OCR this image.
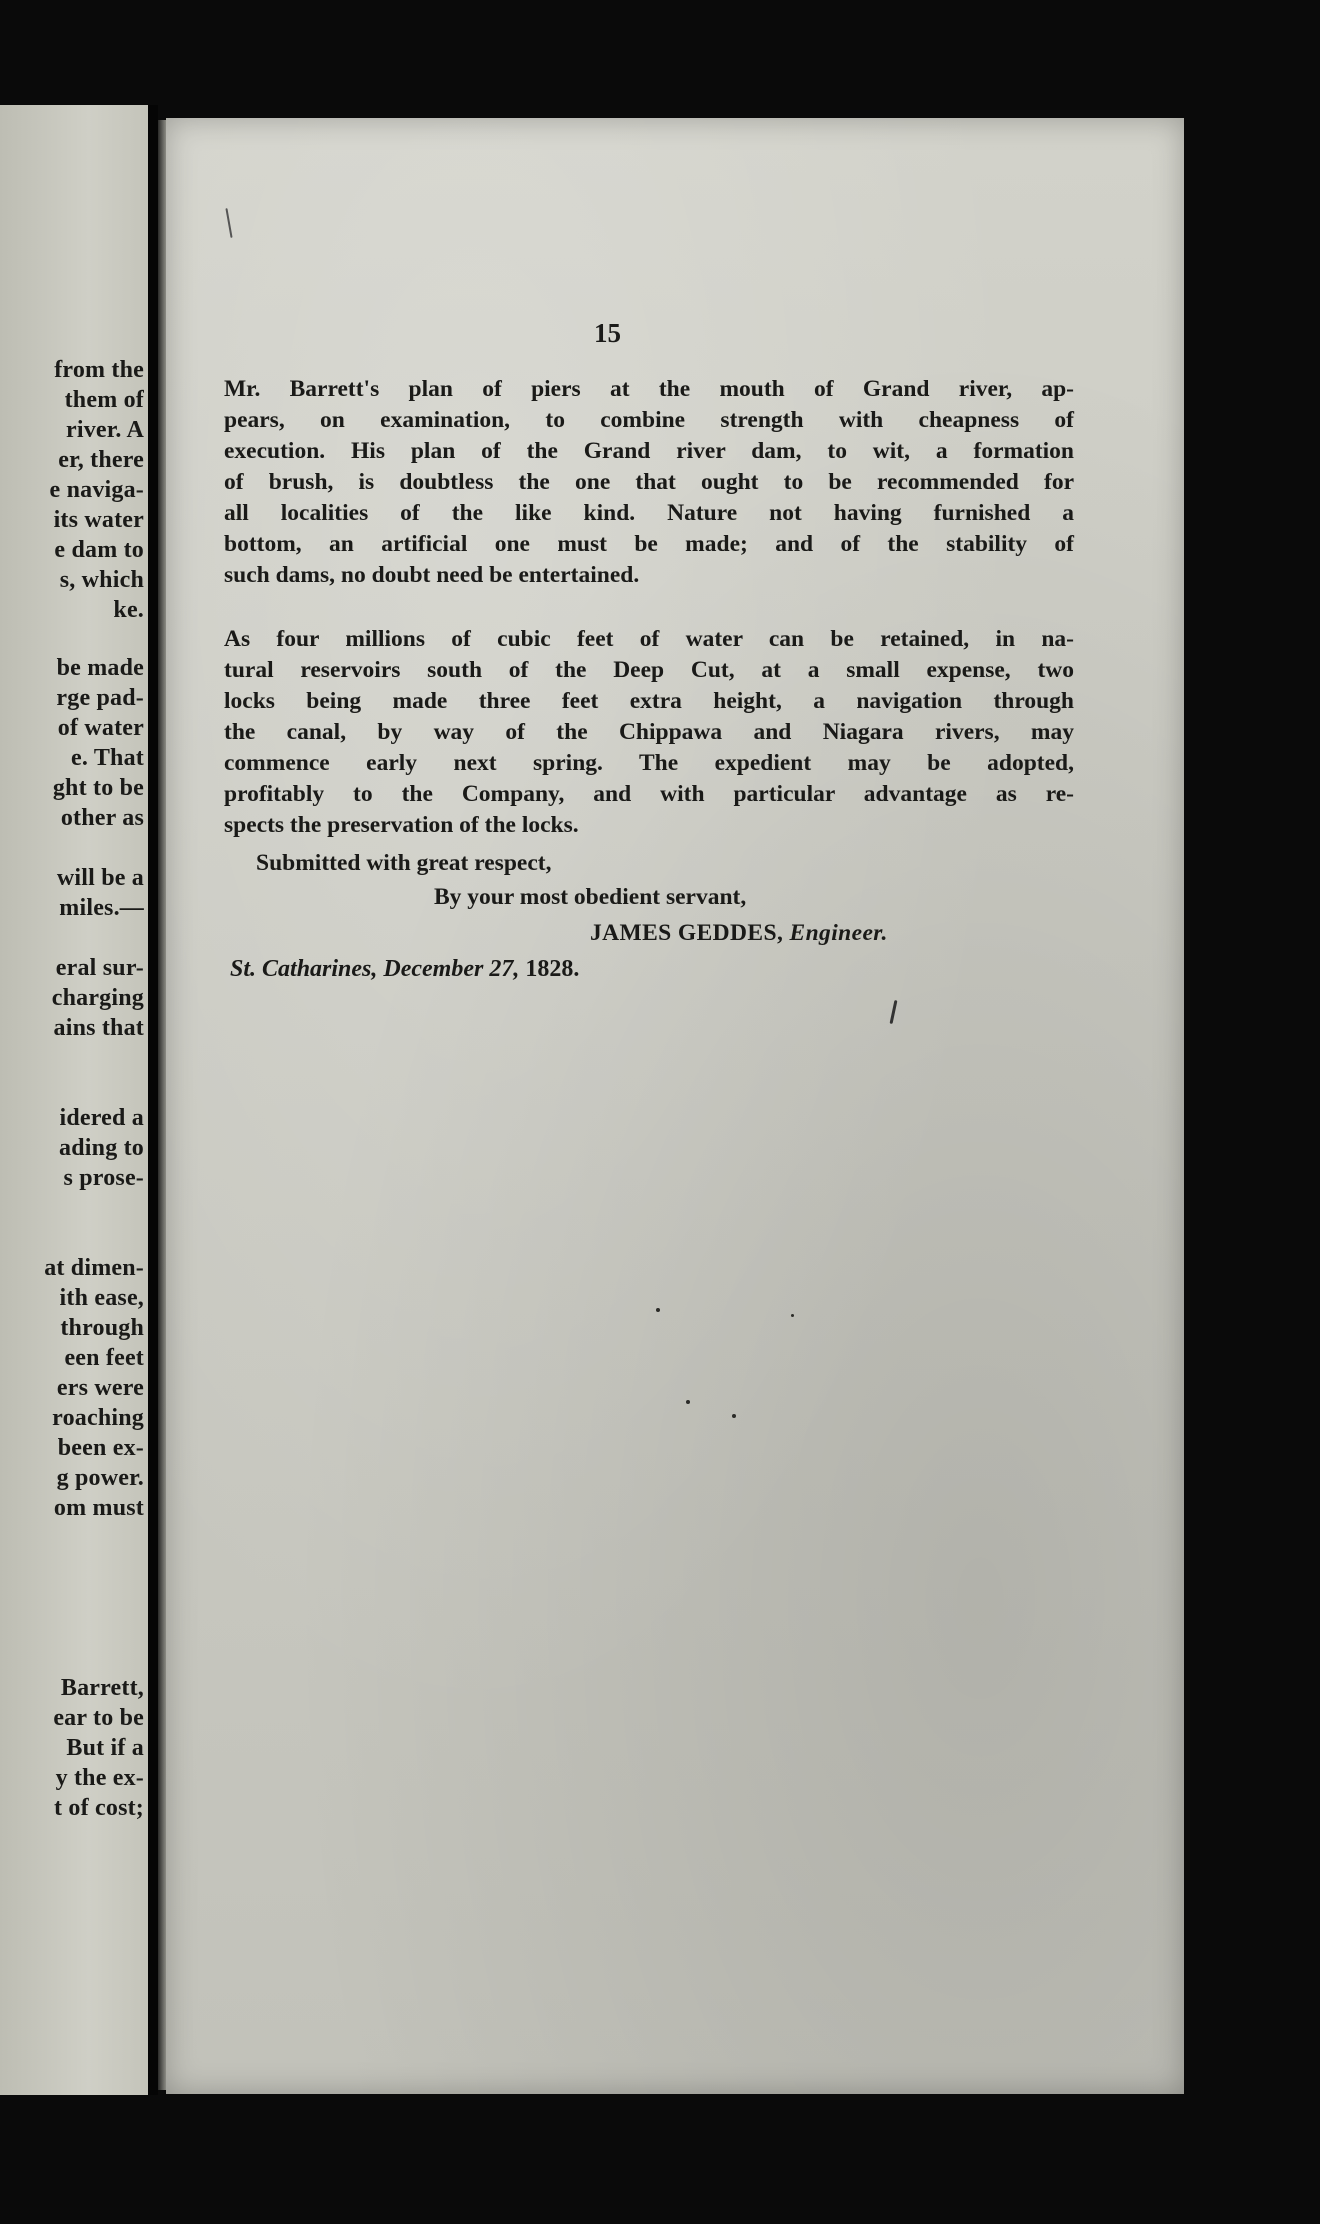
from the
them of
river. A
er, there
e naviga-
its water
e dam to
s, which
ke.
be made
rge pad-
of water
e. That
ght to be
other as
will be a
miles.—
eral sur-
charging
ains that
idered a
ading to
s prose-
at dimen-
ith ease,
through
een feet
ers were
roaching
been ex-
g power.
om must
Barrett,
ear to be
But if a
y the ex-
t of cost;
15
Mr. Barrett's plan of piers at the mouth of Grand river, ap-
pears, on examination, to combine strength with cheapness of
execution. His plan of the Grand river dam, to wit, a formation
of brush, is doubtless the one that ought to be recommended for
all localities of the like kind. Nature not having furnished a
bottom, an artificial one must be made; and of the stability of
such dams, no doubt need be entertained.
As four millions of cubic feet of water can be retained, in na-
tural reservoirs south of the Deep Cut, at a small expense, two
locks being made three feet extra height, a navigation through
the canal, by way of the Chippawa and Niagara rivers, may
commence early next spring. The expedient may be adopted,
profitably to the Company, and with particular advantage as re-
spects the preservation of the locks.
Submitted with great respect,
By your most obedient servant,
JAMES GEDDES, Engineer.
St. Catharines, December 27, 1828.
